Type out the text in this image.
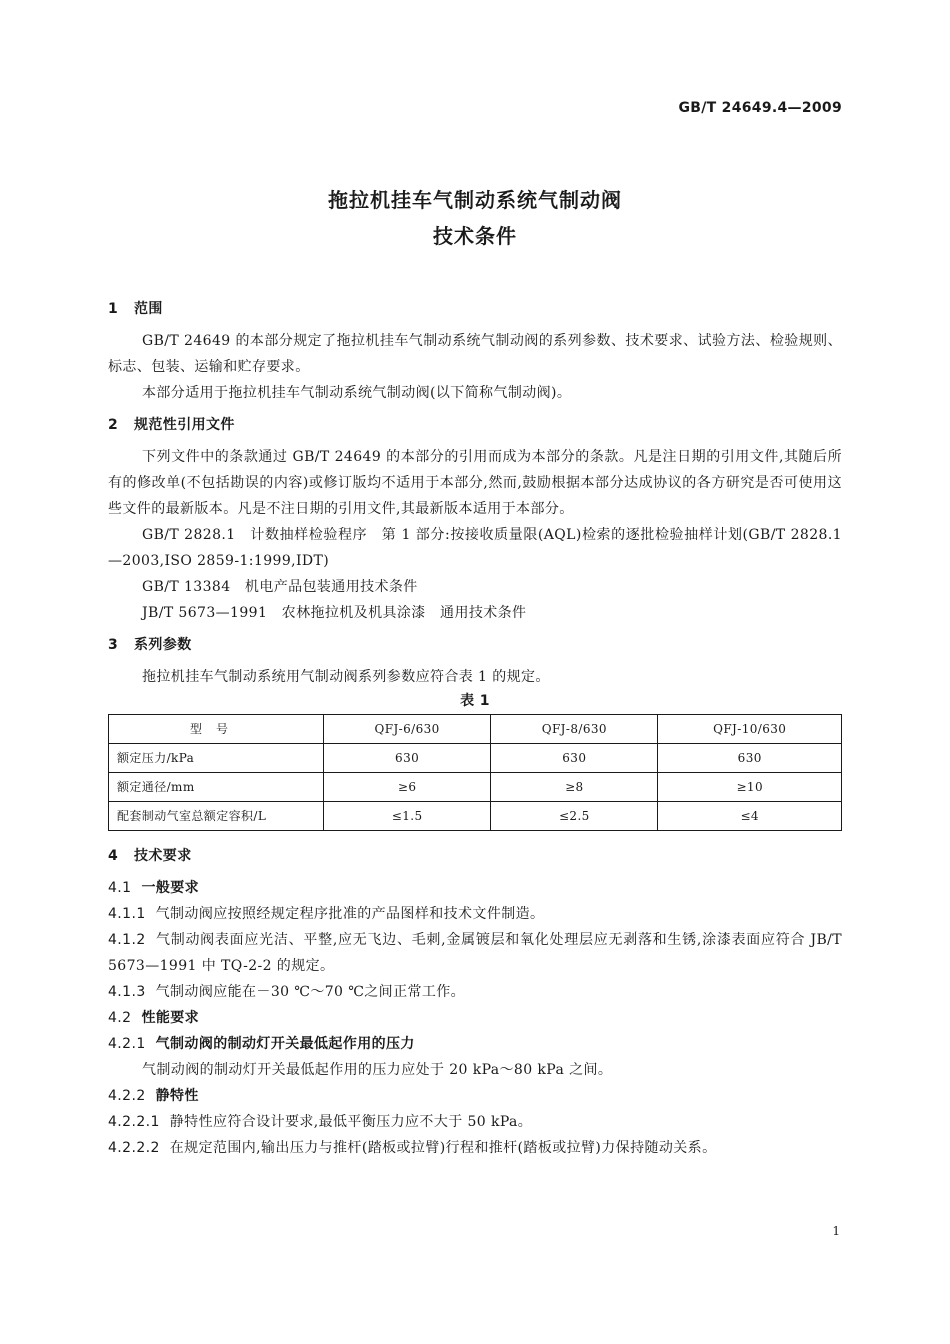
GB/T 24649.4—2009
拖拉机挂车气制动系统气制动阀
技术条件
1 范围
GB/T 24649 的本部分规定了拖拉机挂车气制动系统气制动阀的系列参数、技术要求、试验方法、检验规则、标志、包装、运输和贮存要求。
本部分适用于拖拉机挂车气制动系统气制动阀(以下简称气制动阀)。
2 规范性引用文件
下列文件中的条款通过 GB/T 24649 的本部分的引用而成为本部分的条款。凡是注日期的引用文件,其随后所有的修改单(不包括勘误的内容)或修订版均不适用于本部分,然而,鼓励根据本部分达成协议的各方研究是否可使用这些文件的最新版本。凡是不注日期的引用文件,其最新版本适用于本部分。
GB/T 2828.1　计数抽样检验程序　第 1 部分:按接收质量限(AQL)检索的逐批检验抽样计划(GB/T 2828.1—2003,ISO 2859-1:1999,IDT)
GB/T 13384　机电产品包装通用技术条件
JB/T 5673—1991　农林拖拉机及机具涂漆　通用技术条件
3 系列参数
拖拉机挂车气制动系统用气制动阀系列参数应符合表 1 的规定。
表 1
型号	QFJ-6/630	QFJ-8/630	QFJ-10/630
额定压力/kPa	630	630	630
额定通径/mm	≥6	≥8	≥10
配套制动气室总额定容积/L	≤1.5	≤2.5	≤4
4 技术要求
4.1 一般要求
4.1.1 气制动阀应按照经规定程序批准的产品图样和技术文件制造。
4.1.2 气制动阀表面应光洁、平整,应无飞边、毛刺,金属镀层和氧化处理层应无剥落和生锈,涂漆表面应符合 JB/T 5673—1991 中 TQ-2-2 的规定。
4.1.3 气制动阀应能在－30 ℃～70 ℃之间正常工作。
4.2 性能要求
4.2.1 气制动阀的制动灯开关最低起作用的压力
气制动阀的制动灯开关最低起作用的压力应处于 20 kPa～80 kPa 之间。
4.2.2 静特性
4.2.2.1 静特性应符合设计要求,最低平衡压力应不大于 50 kPa。
4.2.2.2 在规定范围内,输出压力与推杆(踏板或拉臂)行程和推杆(踏板或拉臂)力保持随动关系。
1
